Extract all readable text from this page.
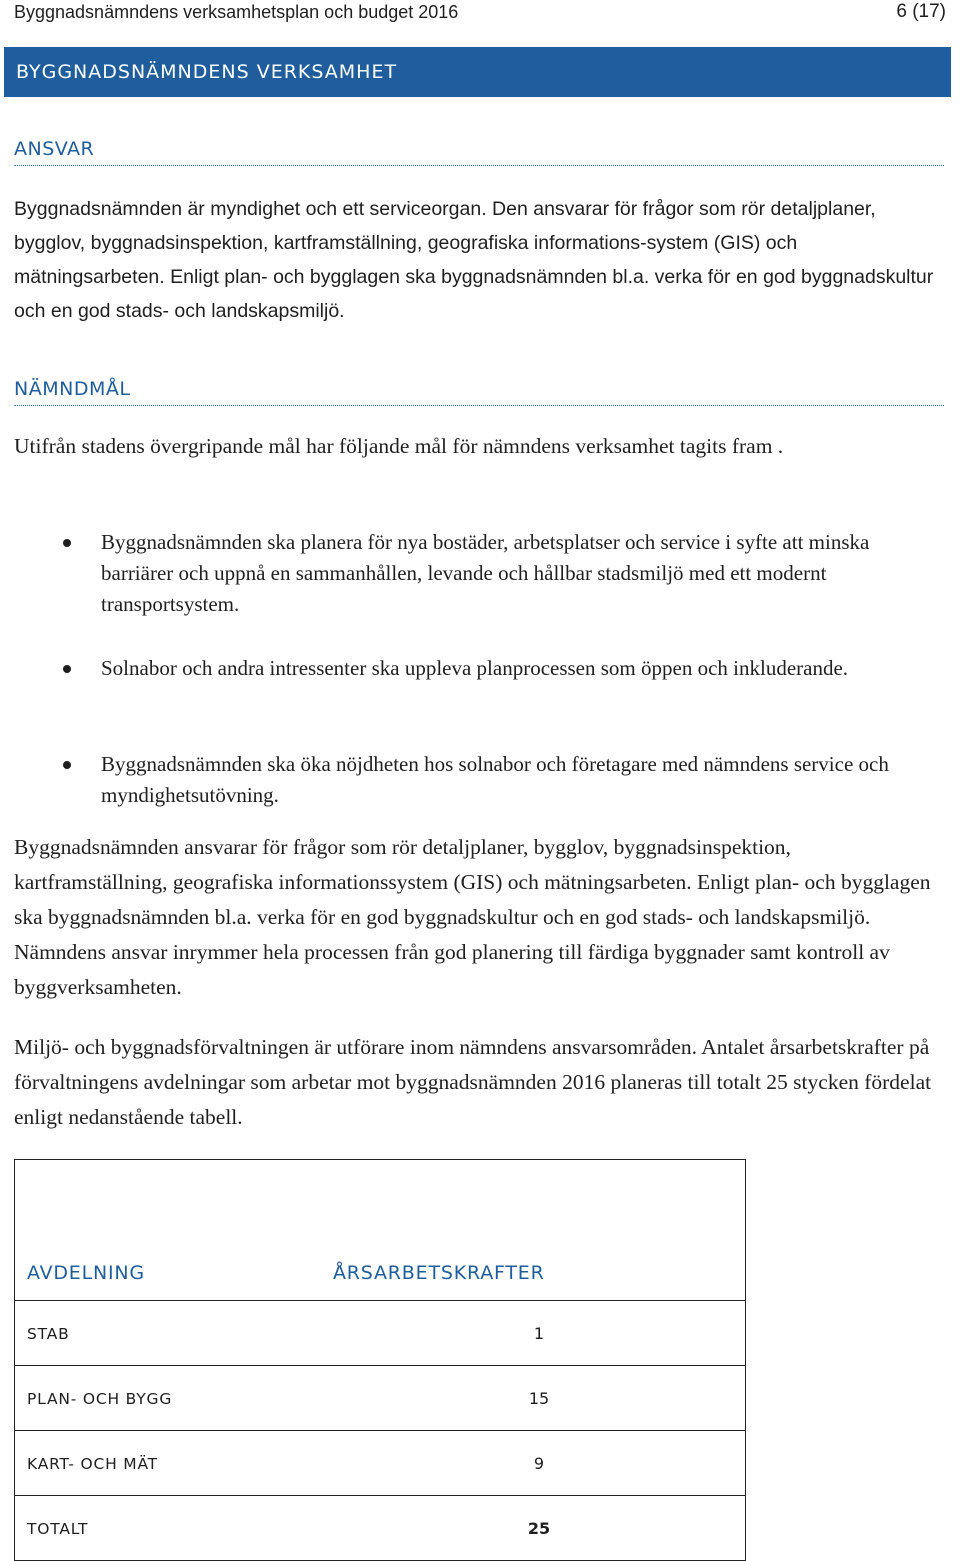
Byggnadsnämndens verksamhetsplan och budget 2016	6 (17)
BYGGNADSNÄMNDENS VERKSAMHET
ANSVAR

Byggnadsnämnden är myndighet och ett serviceorgan. Den ansvarar för frågor som rör detaljplaner, bygglov, byggnadsinspektion, kartframställning, geografiska informations-system (GIS) och mätningsarbeten. Enligt plan- och bygglagen ska byggnadsnämnden bl.a. verka för en god byggnadskultur och en god stads- och landskapsmiljö.

NÄMNDMÅL

Utifrån stadens övergripande mål har följande mål för nämndens verksamhet tagits fram .

Byggnadsnämnden ska planera för nya bostäder, arbetsplatser och service i syfte att minska barriärer och uppnå en sammanhållen, levande och hållbar stadsmiljö med ett modernt transportsystem.
Solnabor och andra intressenter ska uppleva planprocessen som öppen och inkluderande.
Byggnadsnämnden ska öka nöjdheten hos solnabor och företagare med nämndens service och myndighetsutövning.

Byggnadsnämnden ansvarar för frågor som rör detaljplaner, bygglov, byggnadsinspektion, kartframställning, geografiska informationssystem (GIS) och mätningsarbeten. Enligt plan- och bygglagen ska byggnadsnämnden bl.a. verka för en god byggnadskultur och en god stads- och landskapsmiljö. Nämndens ansvar inrymmer hela processen från god planering till färdiga byggnader samt kontroll av byggverksamheten.

Miljö- och byggnadsförvaltningen är utförare inom nämndens ansvarsområden. Antalet årsarbetskrafter på förvaltningens avdelningar som arbetar mot byggnadsnämnden 2016 planeras till totalt 25 stycken fördelat enligt nedanstående tabell.

AVDELNING	ÅRSARBETSKRAFTER
STAB	1

PLAN- OCH BYGG	15

KART- OCH MÄT	9

TOTALT	25
